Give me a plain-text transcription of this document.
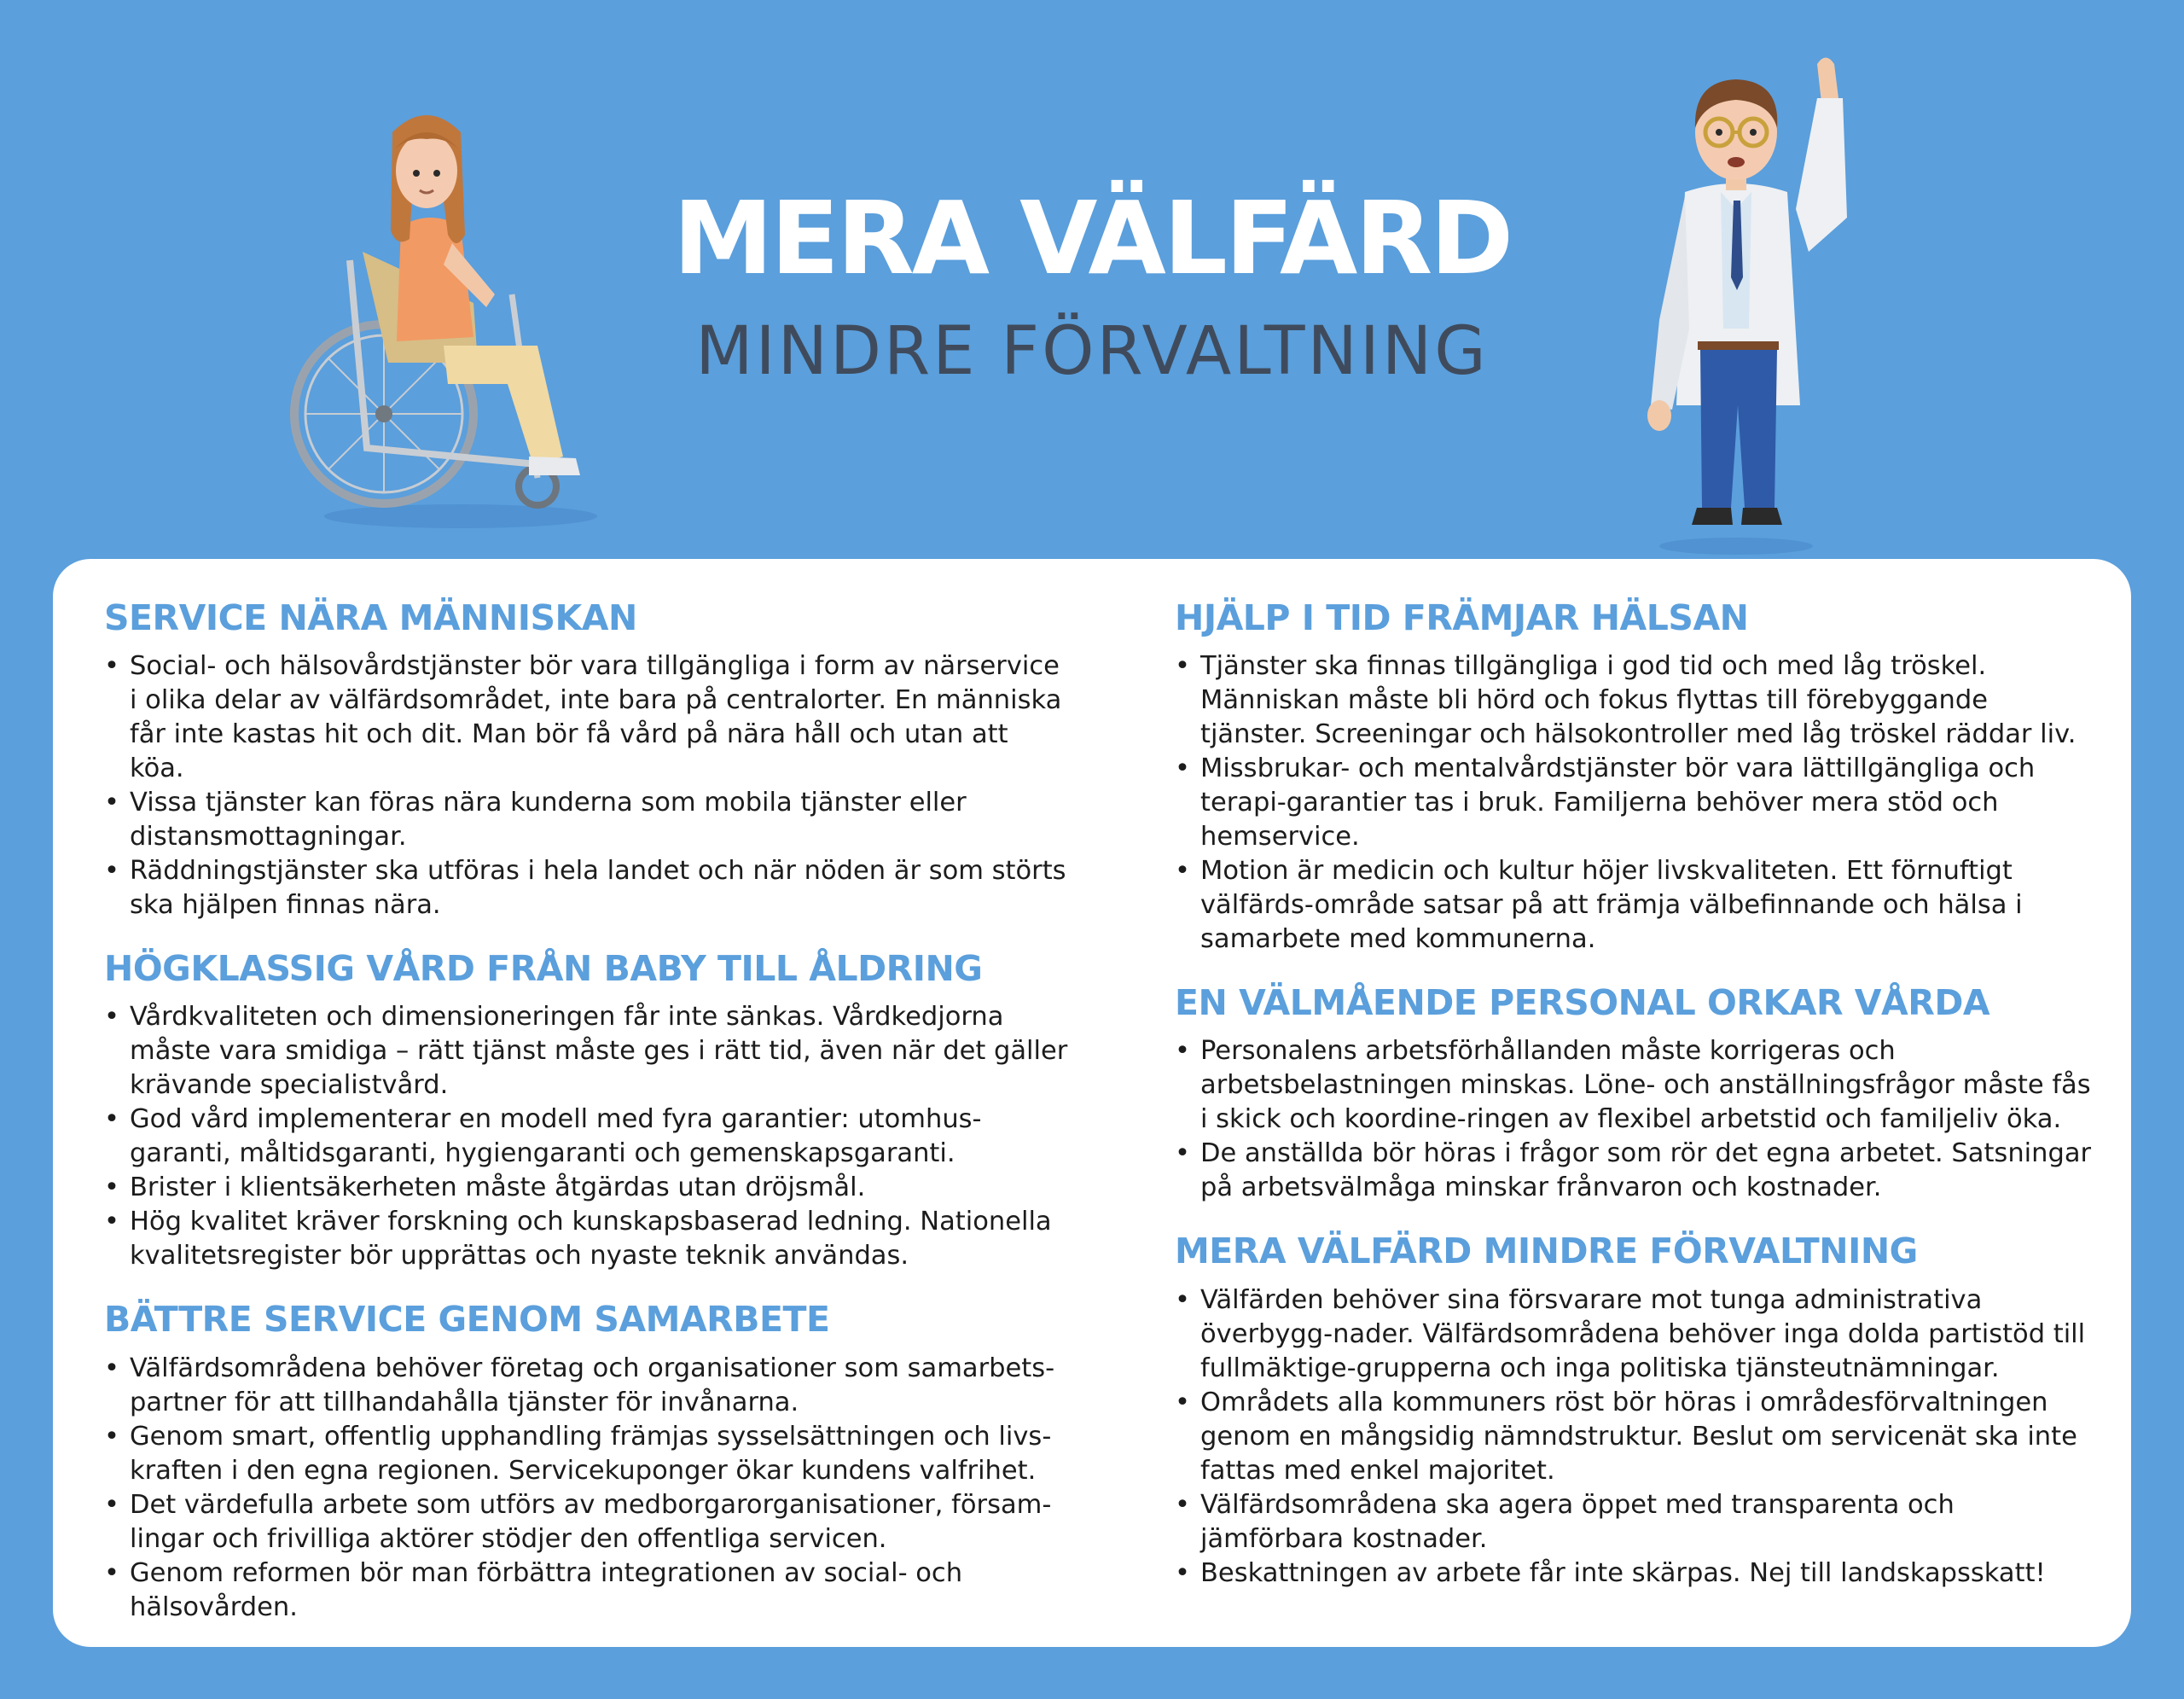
MERA VÄLFÄRD
MINDRE FÖRVALTNING
SERVICE NÄRA MÄNNISKAN
• Social- och hälsovårdstjänster bör vara tillgängliga i form av närservice i olika delar av välfärdsområdet, inte bara på centralorter. En människa får inte kastas hit och dit. Man bör få vård på nära håll och utan att köa.
• Vissa tjänster kan föras nära kunderna som mobila tjänster eller distansmottagningar.
• Räddningstjänster ska utföras i hela landet och när nöden är som störts ska hjälpen finnas nära.
HÖGKLASSIG VÅRD FRÅN BABY TILL ÅLDRING
• Vårdkvaliteten och dimensioneringen får inte sänkas. Vårdkedjorna måste vara smidiga – rätt tjänst måste ges i rätt tid, även när det gäller krävande specialistvård.
• God vård implementerar en modell med fyra garantier: utomhus-garanti, måltidsgaranti, hygiengaranti och gemenskapsgaranti.
• Brister i klientsäkerheten måste åtgärdas utan dröjsmål.
• Hög kvalitet kräver forskning och kunskapsbaserad ledning. Nationella kvalitetsregister bör upprättas och nyaste teknik användas.
BÄTTRE SERVICE GENOM SAMARBETE
• Välfärdsområdena behöver företag och organisationer som samarbets-partner för att tillhandahålla tjänster för invånarna.
• Genom smart, offentlig upphandling främjas sysselsättningen och livs-kraften i den egna regionen. Servicekuponger ökar kundens valfrihet.
• Det värdefulla arbete som utförs av medborgarorganisationer, försam-lingar och frivilliga aktörer stödjer den offentliga servicen.
• Genom reformen bör man förbättra integrationen av social- och hälsovården.
HJÄLP I TID FRÄMJAR HÄLSAN
• Tjänster ska finnas tillgängliga i god tid och med låg tröskel. Människan måste bli hörd och fokus flyttas till förebyggande tjänster. Screeningar och hälsokontroller med låg tröskel räddar liv.
• Missbrukar- och mentalvårdstjänster bör vara lättillgängliga och terapi-garantier tas i bruk. Familjerna behöver mera stöd och hemservice.
• Motion är medicin och kultur höjer livskvaliteten. Ett förnuftigt välfärds-område satsar på att främja välbefinnande och hälsa i samarbete med kommunerna.
EN VÄLMÅENDE PERSONAL ORKAR VÅRDA
• Personalens arbetsförhållanden måste korrigeras och arbetsbelastningen minskas. Löne- och anställningsfrågor måste fås i skick och koordine-ringen av flexibel arbetstid och familjeliv öka.
• De anställda bör höras i frågor som rör det egna arbetet. Satsningar på arbetsvälmåga minskar frånvaron och kostnader.
MERA VÄLFÄRD MINDRE FÖRVALTNING
• Välfärden behöver sina försvarare mot tunga administrativa överbygg-nader. Välfärdsområdena behöver inga dolda partistöd till fullmäktige-grupperna och inga politiska tjänsteutnämningar.
• Områdets alla kommuners röst bör höras i områdesförvaltningen genom en mångsidig nämndstruktur. Beslut om servicenät ska inte fattas med enkel majoritet.
• Välfärdsområdena ska agera öppet med transparenta och jämförbara kostnader.
• Beskattningen av arbete får inte skärpas. Nej till landskapsskatt!
